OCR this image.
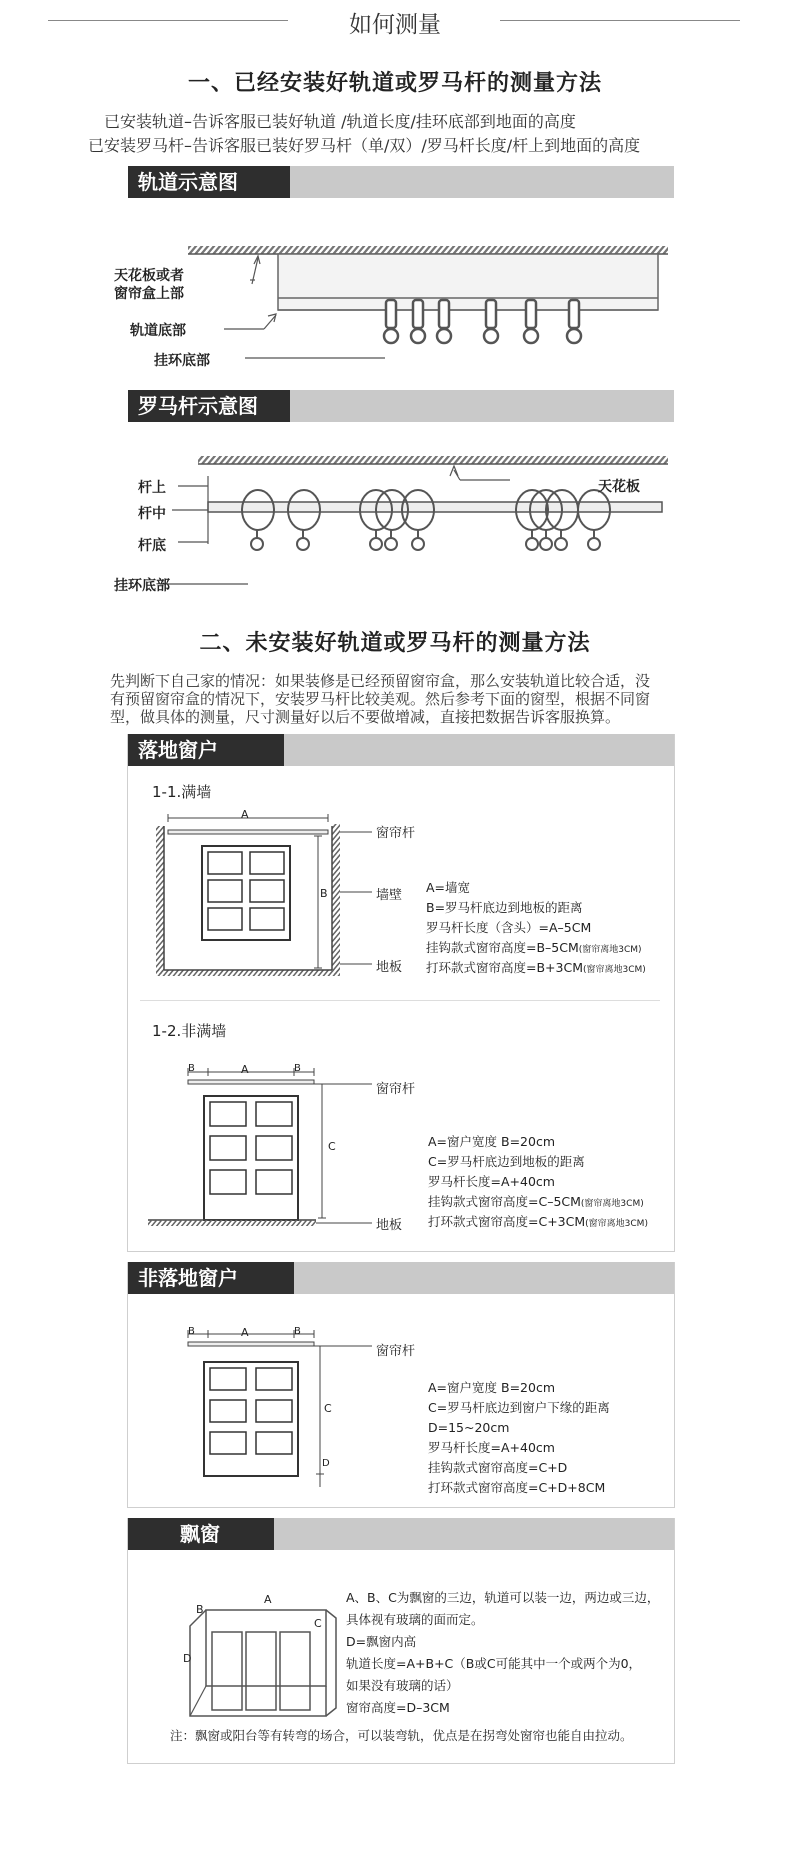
如何测量
一、已经安装好轨道或罗马杆的测量方法
已安装轨道–告诉客服已装好轨道 /轨道长度/挂环底部到地面的高度
已安装罗马杆–告诉客服已装好罗马杆（单/双）/罗马杆长度/杆上到地面的高度
轨道示意图
天花板或者
窗帘盒上部
轨道底部
挂环底部
罗马杆示意图
杆上
杆中
杆底
挂环底部
天花板
二、未安装好轨道或罗马杆的测量方法
先判断下自己家的情况：如果装修是已经预留窗帘盒，那么安装轨道比较合适，没
有预留窗帘盒的情况下，安装罗马杆比较美观。然后参考下面的窗型，根据不同窗
型，做具体的测量，尺寸测量好以后不要做增减，直接把数据告诉客服换算。
落地窗户
1-1.满墙
A
B
窗帘杆
墙壁
地板
A=墙宽
B=罗马杆底边到地板的距离
罗马杆长度（含头）=A–5CM
挂钩款式窗帘高度=B–5CM(窗帘离地3CM)
打环款式窗帘高度=B+3CM(窗帘离地3CM)
1-2.非满墙
B	A	B
C
窗帘杆
地板
A=窗户宽度 B=20cm
C=罗马杆底边到地板的距离
罗马杆长度=A+40cm
挂钩款式窗帘高度=C–5CM(窗帘离地3CM)
打环款式窗帘高度=C+3CM(窗帘离地3CM)
非落地窗户
B	A	B
C
D
窗帘杆
A=窗户宽度 B=20cm
C=罗马杆底边到窗户下缘的距离
D=15~20cm
罗马杆长度=A+40cm
挂钩款式窗帘高度=C+D
打环款式窗帘高度=C+D+8CM
飘窗
B
A
C
D
A、B、C为飘窗的三边，轨道可以装一边，两边或三边，
具体视有玻璃的面而定。
D=飘窗内高
轨道长度=A+B+C（B或C可能其中一个或两个为0，
如果没有玻璃的话）
窗帘高度=D–3CM
注：飘窗或阳台等有转弯的场合，可以装弯轨，优点是在拐弯处窗帘也能自由拉动。
